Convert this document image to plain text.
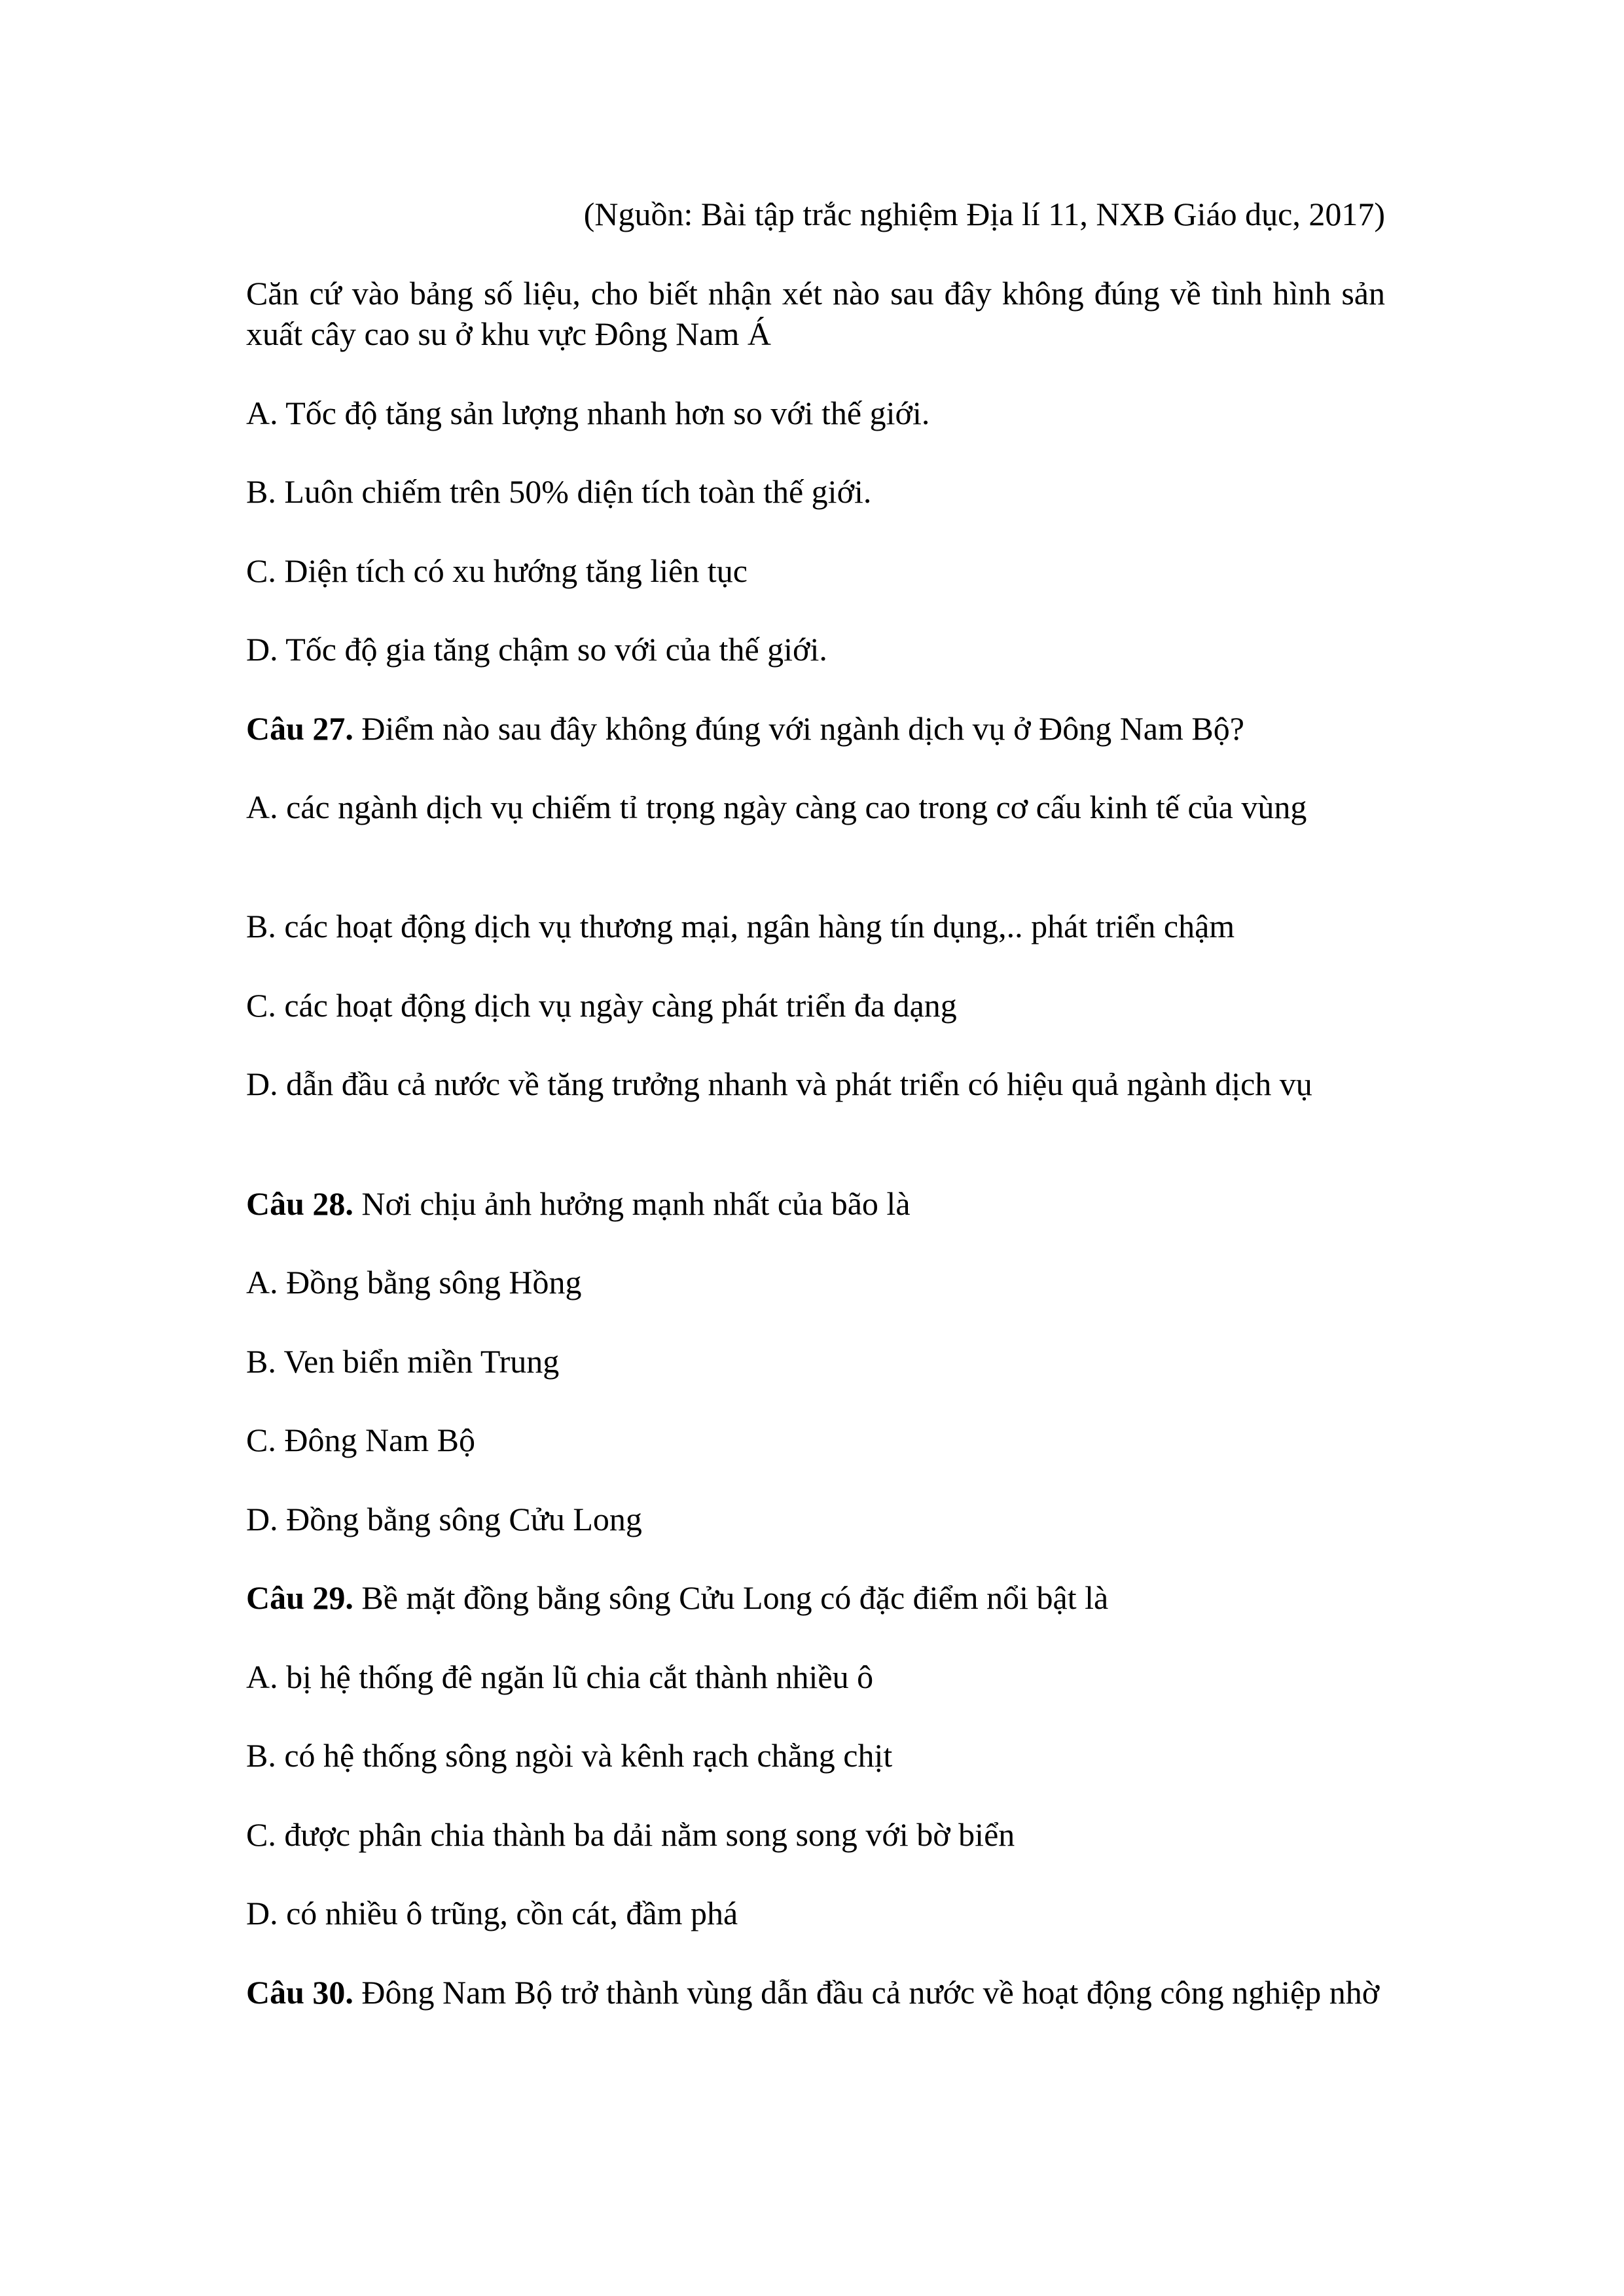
(Nguồn: Bài tập trắc nghiệm Địa lí 11, NXB Giáo dục, 2017)
Căn cứ vào bảng số liệu, cho biết nhận xét nào sau đây không đúng về tình hình sản xuất cây cao su ở khu vực Đông Nam Á
A. Tốc độ tăng sản lượng nhanh hơn so với thế giới.
B. Luôn chiếm trên 50% diện tích toàn thế giới.
C. Diện tích có xu hướng tăng liên tục
D. Tốc độ gia tăng chậm so với của thế giới.
Câu 27. Điểm nào sau đây không đúng với ngành dịch vụ ở Đông Nam Bộ?
A. các ngành dịch vụ chiếm tỉ trọng ngày càng cao trong cơ cấu kinh tế của vùng
B. các hoạt động dịch vụ thương mại, ngân hàng tín dụng,.. phát triển chậm
C. các hoạt động dịch vụ ngày càng phát triển đa dạng
D. dẫn đầu cả nước về tăng trưởng nhanh và phát triển có hiệu quả ngành dịch vụ
Câu 28. Nơi chịu ảnh hưởng mạnh nhất của bão là
A. Đồng bằng sông Hồng
B. Ven biển miền Trung
C. Đông Nam Bộ
D. Đồng bằng sông Cửu Long
Câu 29. Bề mặt đồng bằng sông Cửu Long có đặc điểm nổi bật là
A. bị hệ thống đê ngăn lũ chia cắt thành nhiều ô
B. có hệ thống sông ngòi và kênh rạch chằng chịt
C. được phân chia thành ba dải nằm song song với bờ biển
D. có nhiều ô trũng, cồn cát, đầm phá
Câu 30. Đông Nam Bộ trở thành vùng dẫn đầu cả nước về hoạt động công nghiệp nhờ
